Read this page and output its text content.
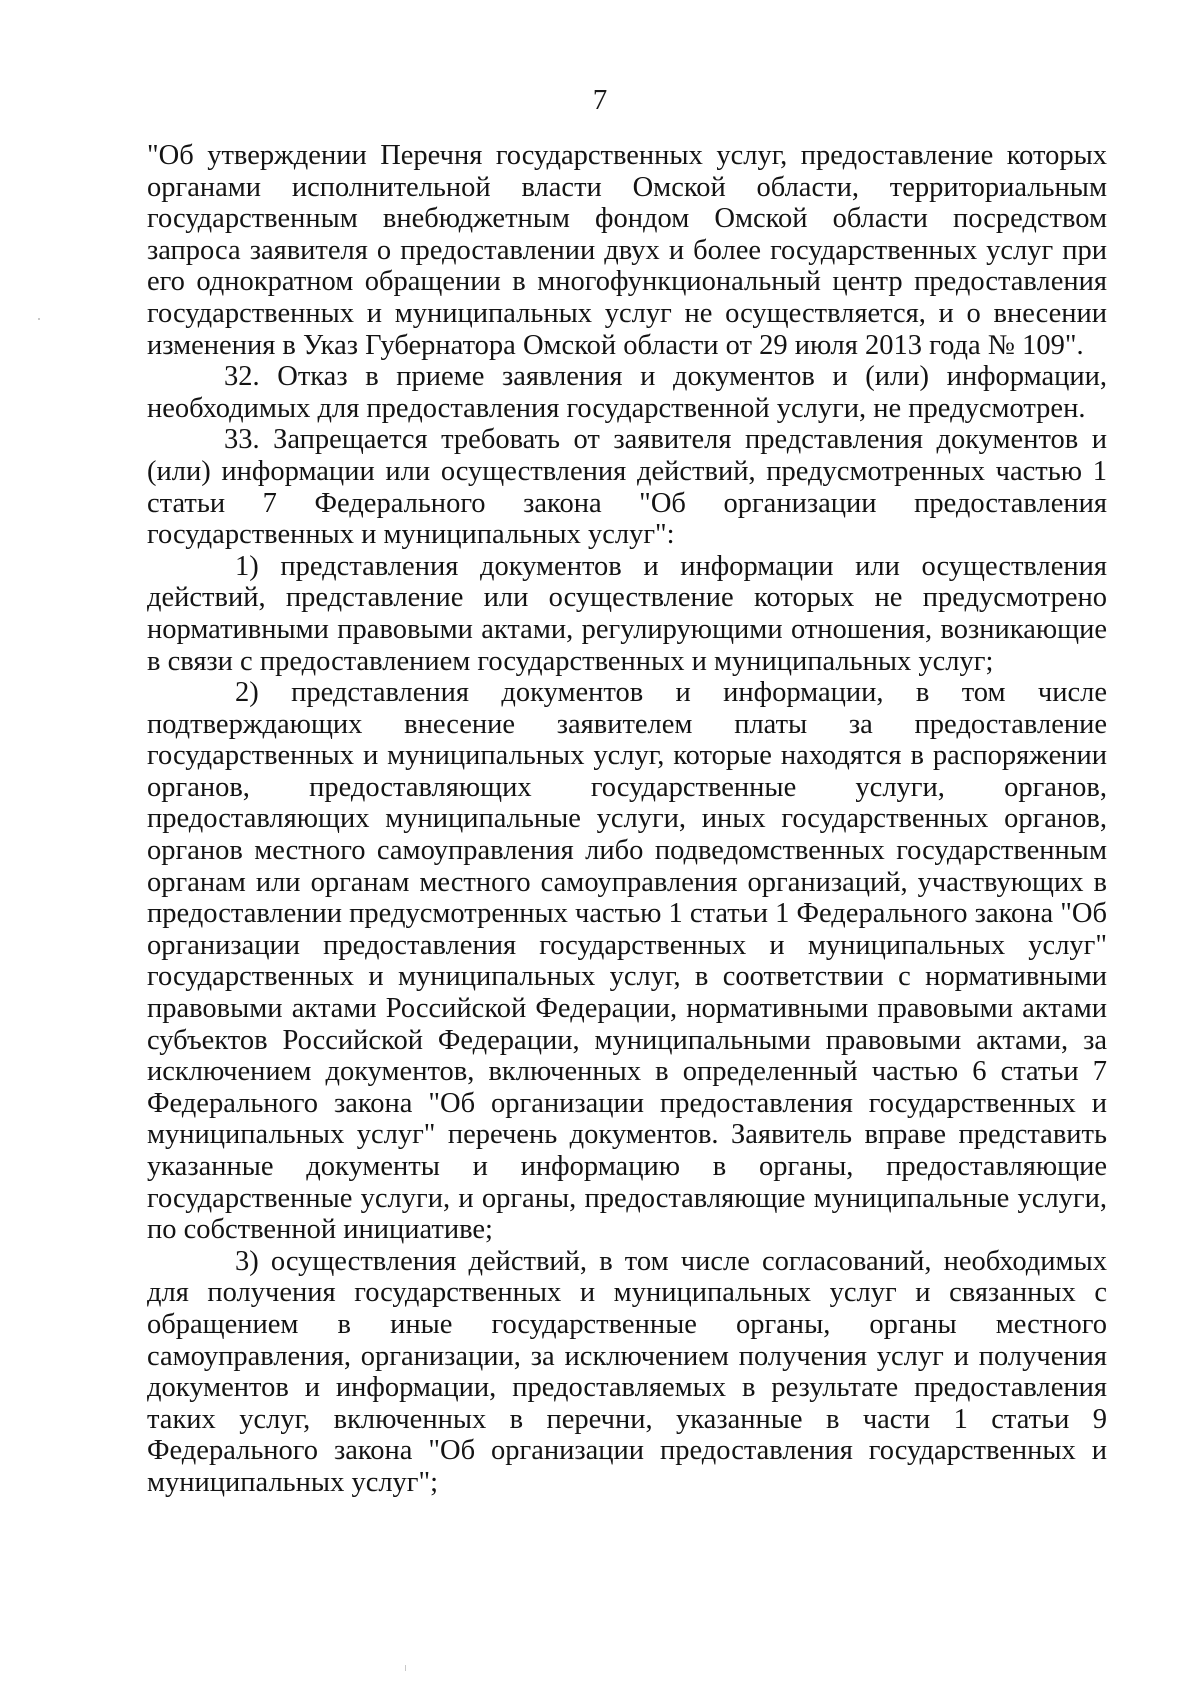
7

"Об утверждении Перечня государственных услуг, предоставление которых органами исполнительной власти Омской области, территориальным государственным внебюджетным фондом Омской области посредством запроса заявителя о предоставлении двух и более государственных услуг при его однократном обращении в многофункциональный центр предоставления государственных и муниципальных услуг не осуществляется, и о внесении изменения в Указ Губернатора Омской области от 29 июля 2013 года № 109".

32. Отказ в приеме заявления и документов и (или) информации, необходимых для предоставления государственной услуги, не предусмотрен.

33. Запрещается требовать от заявителя представления документов и (или) информации или осуществления действий, предусмотренных частью 1 статьи 7 Федерального закона "Об организации предоставления государственных и муниципальных услуг":

1) представления документов и информации или осуществления действий, представление или осуществление которых не предусмотрено нормативными правовыми актами, регулирующими отношения, возникающие в связи с предоставлением государственных и муниципальных услуг;

2) представления документов и информации, в том числе подтверждающих внесение заявителем платы за предоставление государственных и муниципальных услуг, которые находятся в распоряжении органов, предоставляющих государственные услуги, органов, предоставляющих муниципальные услуги, иных государственных органов, органов местного самоуправления либо подведомственных государственным органам или органам местного самоуправления организаций, участвующих в предоставлении предусмотренных частью 1 статьи 1 Федерального закона "Об организации предоставления государственных и муниципальных услуг" государственных и муниципальных услуг, в соответствии с нормативными правовыми актами Российской Федерации, нормативными правовыми актами субъектов Российской Федерации, муниципальными правовыми актами, за исключением документов, включенных в определенный частью 6 статьи 7 Федерального закона "Об организации предоставления государственных и муниципальных услуг" перечень документов. Заявитель вправе представить указанные документы и информацию в органы, предоставляющие государственные услуги, и органы, предоставляющие муниципальные услуги, по собственной инициативе;

3) осуществления действий, в том числе согласований, необходимых для получения государственных и муниципальных услуг и связанных с обращением в иные государственные органы, органы местного самоуправления, организации, за исключением получения услуг и получения документов и информации, предоставляемых в результате предоставления таких услуг, включенных в перечни, указанные в части 1 статьи 9 Федерального закона "Об организации предоставления государственных и муниципальных услуг";
